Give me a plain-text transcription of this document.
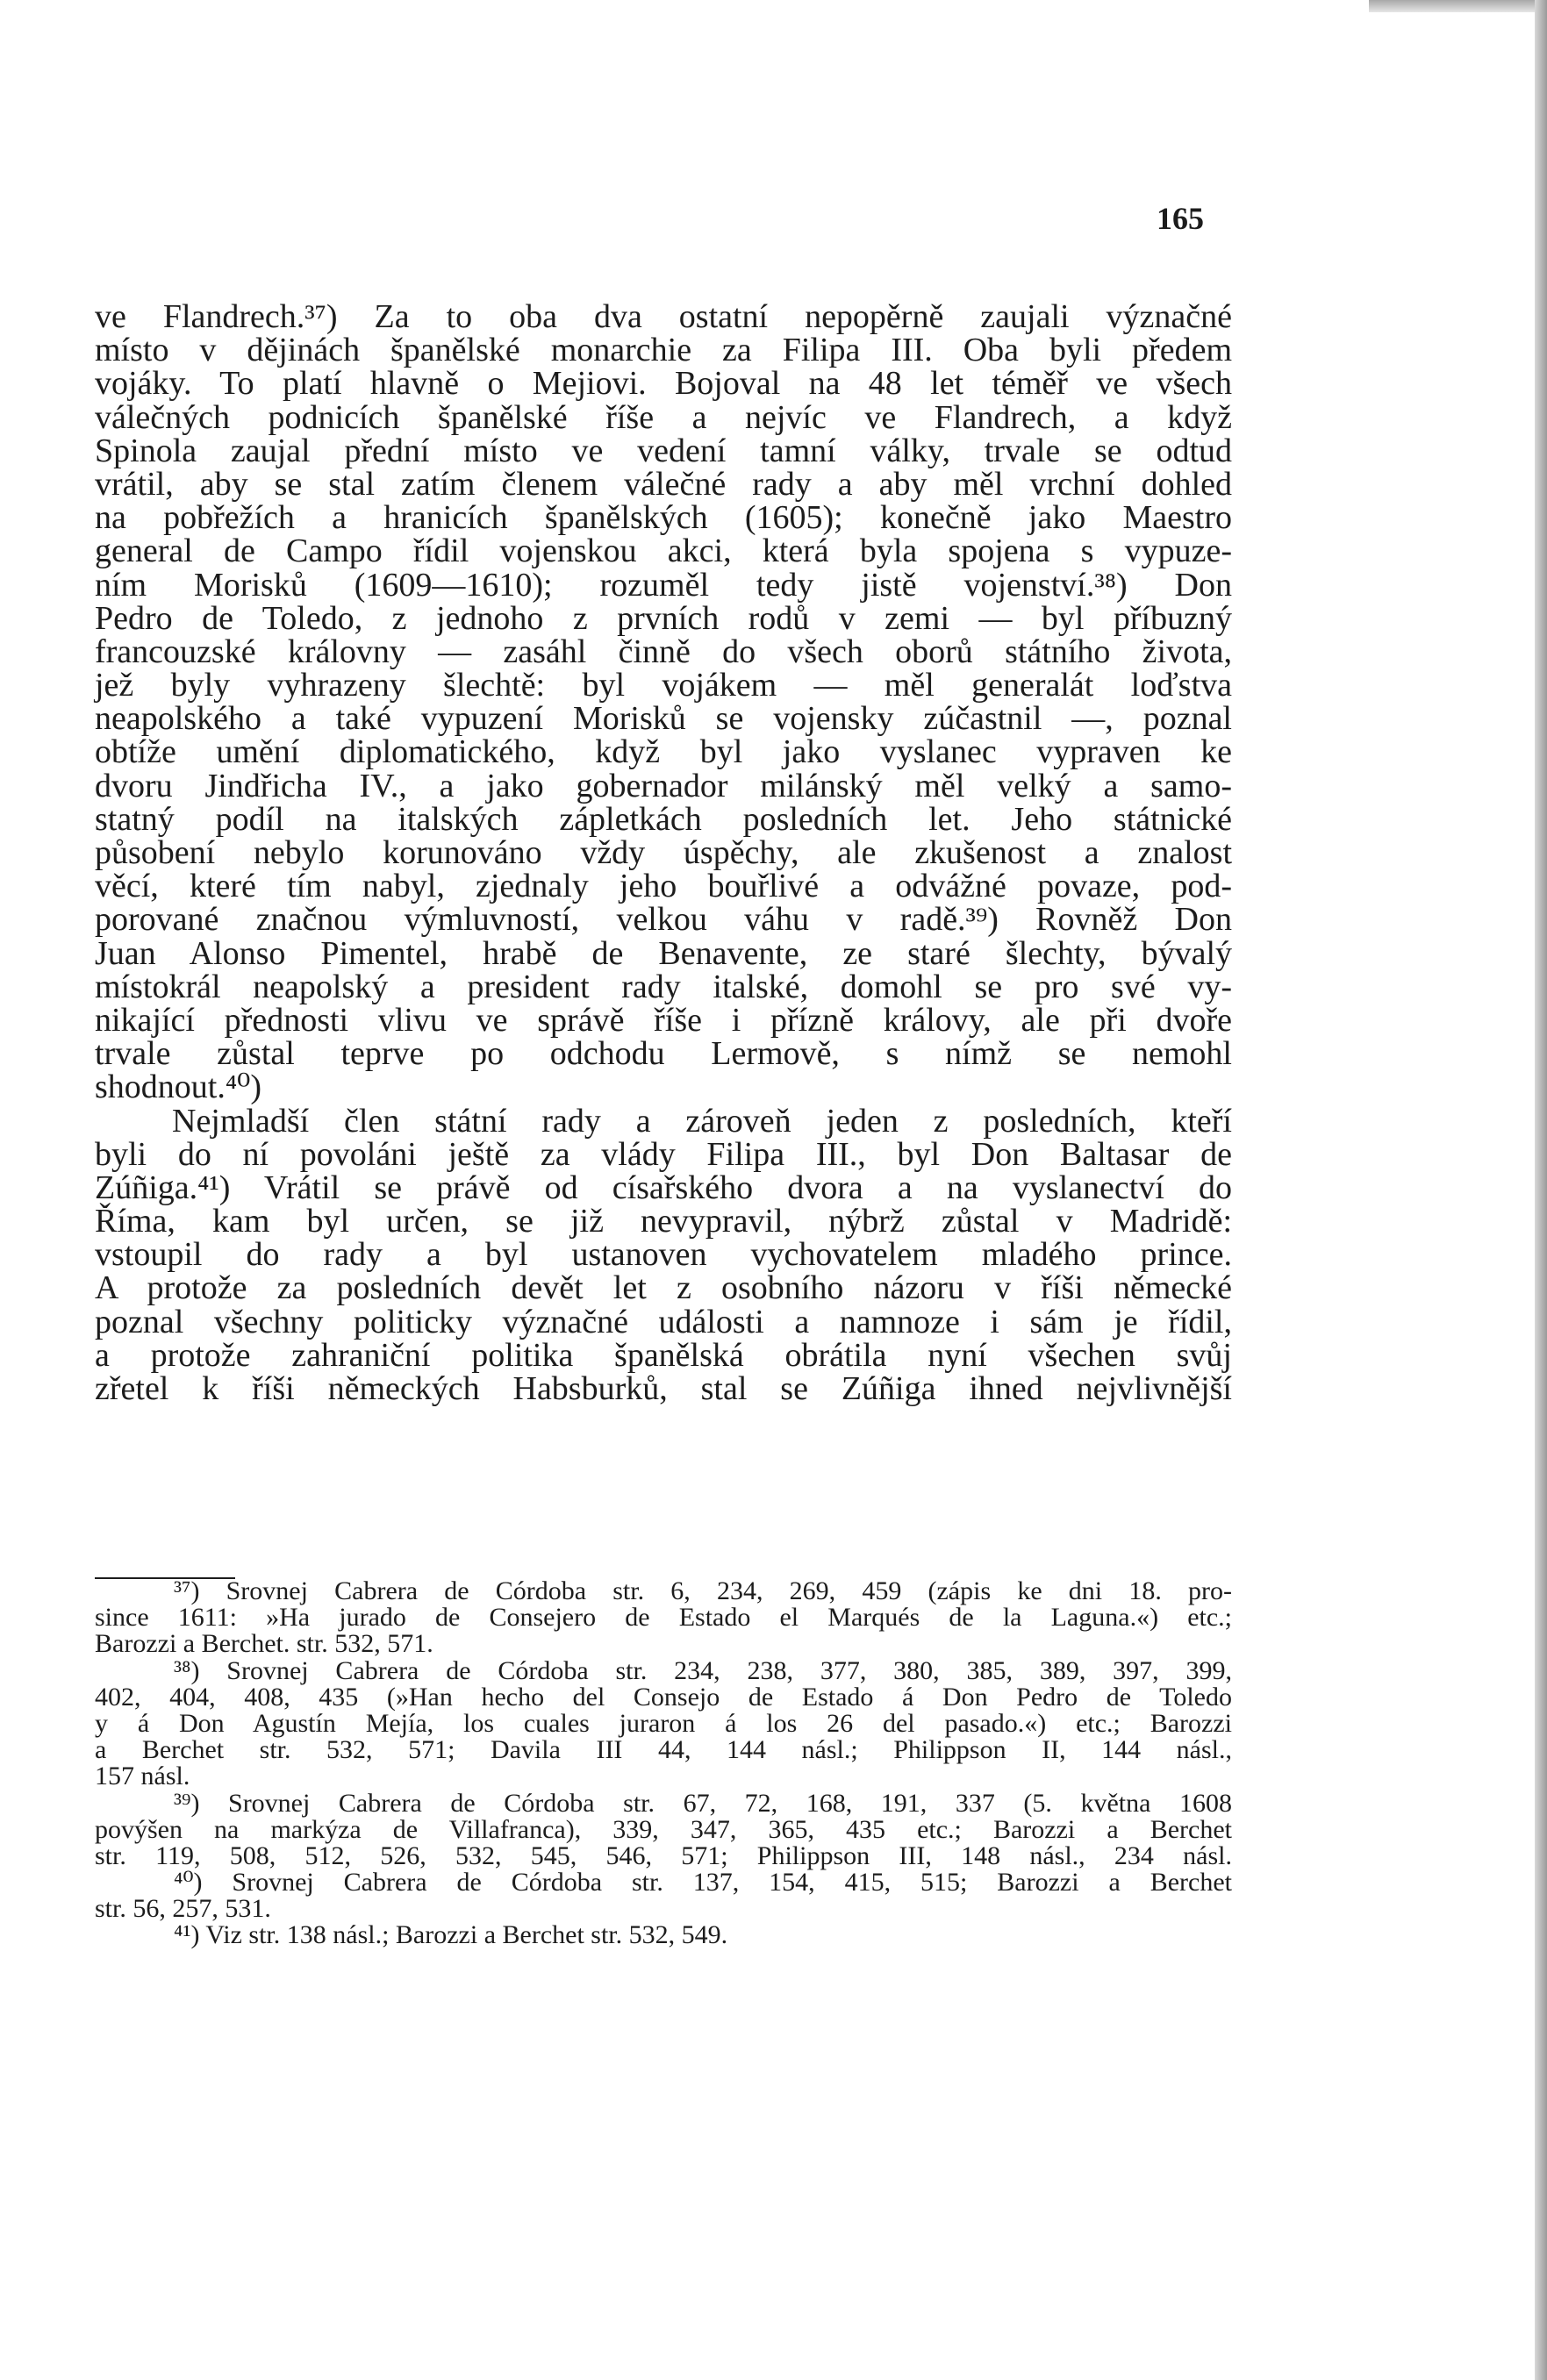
165
ve Flandrech.³⁷) Za to oba dva ostatní nepopěrně zaujali význačné
místo v dějinách španělské monarchie za Filipa III. Oba byli předem
vojáky. To platí hlavně o Mejiovi. Bojoval na 48 let téměř ve všech
válečných podnicích španělské říše a nejvíc ve Flandrech, a když
Spinola zaujal přední místo ve vedení tamní války, trvale se odtud
vrátil, aby se stal zatím členem válečné rady a aby měl vrchní dohled
na pobřežích a hranicích španělských (1605); konečně jako Maestro
general de Campo řídil vojenskou akci, která byla spojena s vypuze-
ním Morisků (1609—1610); rozuměl tedy jistě vojenství.³⁸) Don
Pedro de Toledo, z jednoho z prvních rodů v zemi — byl příbuzný
francouzské královny — zasáhl činně do všech oborů státního života,
jež byly vyhrazeny šlechtě: byl vojákem — měl generalát loďstva
neapolského a také vypuzení Morisků se vojensky zúčastnil —, poznal
obtíže umění diplomatického, když byl jako vyslanec vypraven ke
dvoru Jindřicha IV., a jako gobernador milánský měl velký a samo-
statný podíl na italských zápletkách posledních let. Jeho státnické
působení nebylo korunováno vždy úspěchy, ale zkušenost a znalost
věcí, které tím nabyl, zjednaly jeho bouřlivé a odvážné povaze, pod-
porované značnou výmluvností, velkou váhu v radě.³⁹) Rovněž Don
Juan Alonso Pimentel, hrabě de Benavente, ze staré šlechty, bývalý
místokrál neapolský a president rady italské, domohl se pro své vy-
nikající přednosti vlivu ve správě říše i přízně královy, ale při dvoře
trvale zůstal teprve po odchodu Lermově, s nímž se nemohl
shodnout.⁴⁰)
Nejmladší člen státní rady a zároveň jeden z posledních, kteří
byli do ní povoláni ještě za vlády Filipa III., byl Don Baltasar de
Zúñiga.⁴¹) Vrátil se právě od císařského dvora a na vyslanectví do
Říma, kam byl určen, se již nevypravil, nýbrž zůstal v Madridě:
vstoupil do rady a byl ustanoven vychovatelem mladého prince.
A protože za posledních devět let z osobního názoru v říši německé
poznal všechny politicky význačné události a namnoze i sám je řídil,
a protože zahraniční politika španělská obrátila nyní všechen svůj
zřetel k říši německých Habsburků, stal se Zúñiga ihned nejvlivnější
³⁷) Srovnej Cabrera de Córdoba str. 6, 234, 269, 459 (zápis ke dni 18. pro-
since 1611: »Ha jurado de Consejero de Estado el Marqués de la Laguna.«) etc.;
Barozzi a Berchet. str. 532, 571.
³⁸) Srovnej Cabrera de Córdoba str. 234, 238, 377, 380, 385, 389, 397, 399,
402, 404, 408, 435 (»Han hecho del Consejo de Estado á Don Pedro de Toledo
y á Don Agustín Mejía, los cuales juraron á los 26 del pasado.«) etc.; Barozzi
a Berchet str. 532, 571; Davila III 44, 144 násl.; Philippson II, 144 násl.,
157 násl.
³⁹) Srovnej Cabrera de Córdoba str. 67, 72, 168, 191, 337 (5. května 1608
povýšen na markýza de Villafranca), 339, 347, 365, 435 etc.; Barozzi a Berchet
str. 119, 508, 512, 526, 532, 545, 546, 571; Philippson III, 148 násl., 234 násl.
⁴⁰) Srovnej Cabrera de Córdoba str. 137, 154, 415, 515; Barozzi a Berchet
str. 56, 257, 531.
⁴¹) Viz str. 138 násl.; Barozzi a Berchet str. 532, 549.
